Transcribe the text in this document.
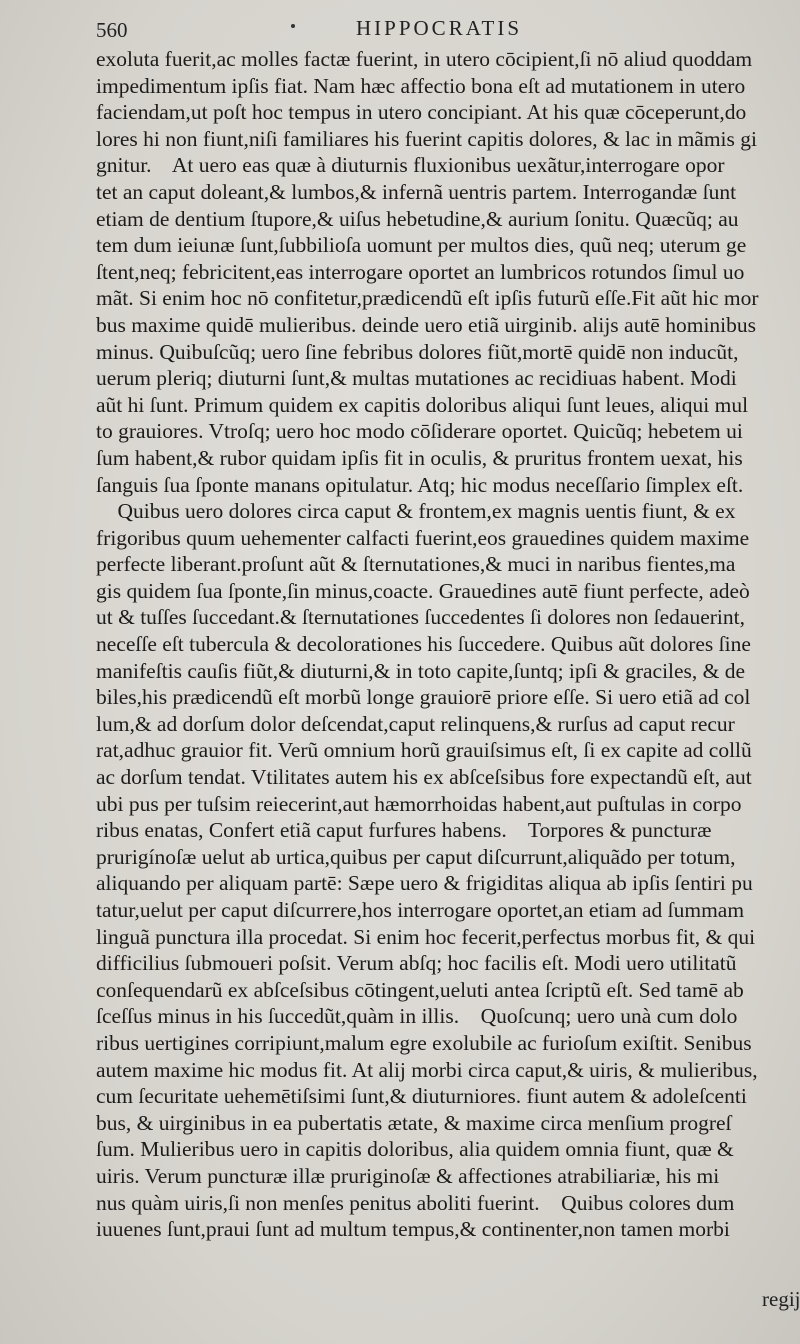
560	HIPPOCRATIS
exoluta fuerit,ac molles factæ fuerint, in utero cōcipient,ſi nō aliud quoddam
impedimentum ipſis fiat. Nam hæc affectio bona eſt ad mutationem in utero
faciendam,ut poſt hoc tempus in utero concipiant. At his quæ cōceperunt,do
lores hi non fiunt,niſi familiares his fuerint capitis dolores, & lac in mãmis gi
gnitur.    At uero eas quæ à diuturnis fluxionibus uexãtur,interrogare opor
tet an caput doleant,& lumbos,& infernã uentris partem. Interrogandæ ſunt
etiam de dentium ſtupore,& uiſus hebetudine,& aurium ſonitu. Quæcũq; au
tem dum ieiunæ ſunt,ſubbilioſa uomunt per multos dies, quũ neq; uterum ge
ſtent,neq; febricitent,eas interrogare oportet an lumbricos rotundos ſimul uo
mãt. Si enim hoc nō confitetur,prædicendũ eſt ipſis futurũ eſſe.Fit aũt hic mor
bus maxime quidē mulieribus. deinde uero etiã uirginib. alijs autē hominibus
minus. Quibuſcũq; uero ſine febribus dolores fiũt,mortē quidē non inducũt,
uerum pleriq; diuturni ſunt,& multas mutationes ac recidiuas habent. Modi
aũt hi ſunt. Primum quidem ex capitis doloribus aliqui ſunt leues, aliqui mul
to grauiores. Vtroſq; uero hoc modo cōſiderare oportet. Quicũq; hebetem ui
ſum habent,& rubor quidam ipſis fit in oculis, & pruritus frontem uexat, his
ſanguis ſua ſponte manans opitulatur. Atq; hic modus neceſſario ſimplex eſt.
Quibus uero dolores circa caput & frontem,ex magnis uentis fiunt, & ex
frigoribus quum uehementer calfacti fuerint,eos grauedines quidem maxime
perfecte liberant.proſunt aũt & ſternutationes,& muci in naribus fientes,ma
gis quidem ſua ſponte,ſin minus,coacte. Grauedines autē fiunt perfecte, adeò
ut & tuſſes ſuccedant.& ſternutationes ſuccedentes ſi dolores non ſedauerint,
neceſſe eſt tubercula & decolorationes his ſuccedere. Quibus aũt dolores ſine
manifeſtis cauſis fiũt,& diuturni,& in toto capite,ſuntq; ipſi & graciles, & de
biles,his prædicendũ eſt morbũ longe grauiorē priore eſſe. Si uero etiã ad col
lum,& ad dorſum dolor deſcendat,caput relinquens,& rurſus ad caput recur
rat,adhuc grauior fit. Verũ omnium horũ grauiſsimus eſt, ſi ex capite ad collũ
ac dorſum tendat. Vtilitates autem his ex abſceſsibus fore expectandũ eſt, aut
ubi pus per tuſsim reiecerint,aut hæmorrhoidas habent,aut puſtulas in corpo
ribus enatas, Confert etiã caput furfures habens.    Torpores & puncturæ
prurigínoſæ uelut ab urtica,quibus per caput diſcurrunt,aliquãdo per totum,
aliquando per aliquam partē: Sæpe uero & frigiditas aliqua ab ipſis ſentiri pu
tatur,uelut per caput diſcurrere,hos interrogare oportet,an etiam ad ſummam
linguã punctura illa procedat. Si enim hoc fecerit,perfectus morbus fit, & qui
difficilius ſubmoueri poſsit. Verum abſq; hoc facilis eſt. Modi uero utilitatũ
conſequendarũ ex abſceſsibus cōtingent,ueluti antea ſcriptũ eſt. Sed tamē ab
ſceſſus minus in his ſuccedũt,quàm in illis.    Quoſcunq; uero unà cum dolo
ribus uertigines corripiunt,malum egre exolubile ac furioſum exiſtit. Senibus
autem maxime hic modus fit. At alij morbi circa caput,& uiris, & mulieribus,
cum ſecuritate uehemētiſsimi ſunt,& diuturniores. fiunt autem & adoleſcenti
bus, & uirginibus in ea pubertatis ætate, & maxime circa menſium progreſ
ſum. Mulieribus uero in capitis doloribus, alia quidem omnia fiunt, quæ &
uiris. Verum puncturæ illæ pruriginoſæ & affectiones atrabiliariæ, his mi
nus quàm uiris,ſi non menſes penitus aboliti fuerint.    Quibus colores dum
iuuenes ſunt,praui ſunt ad multum tempus,& continenter,non tamen morbi
regij
